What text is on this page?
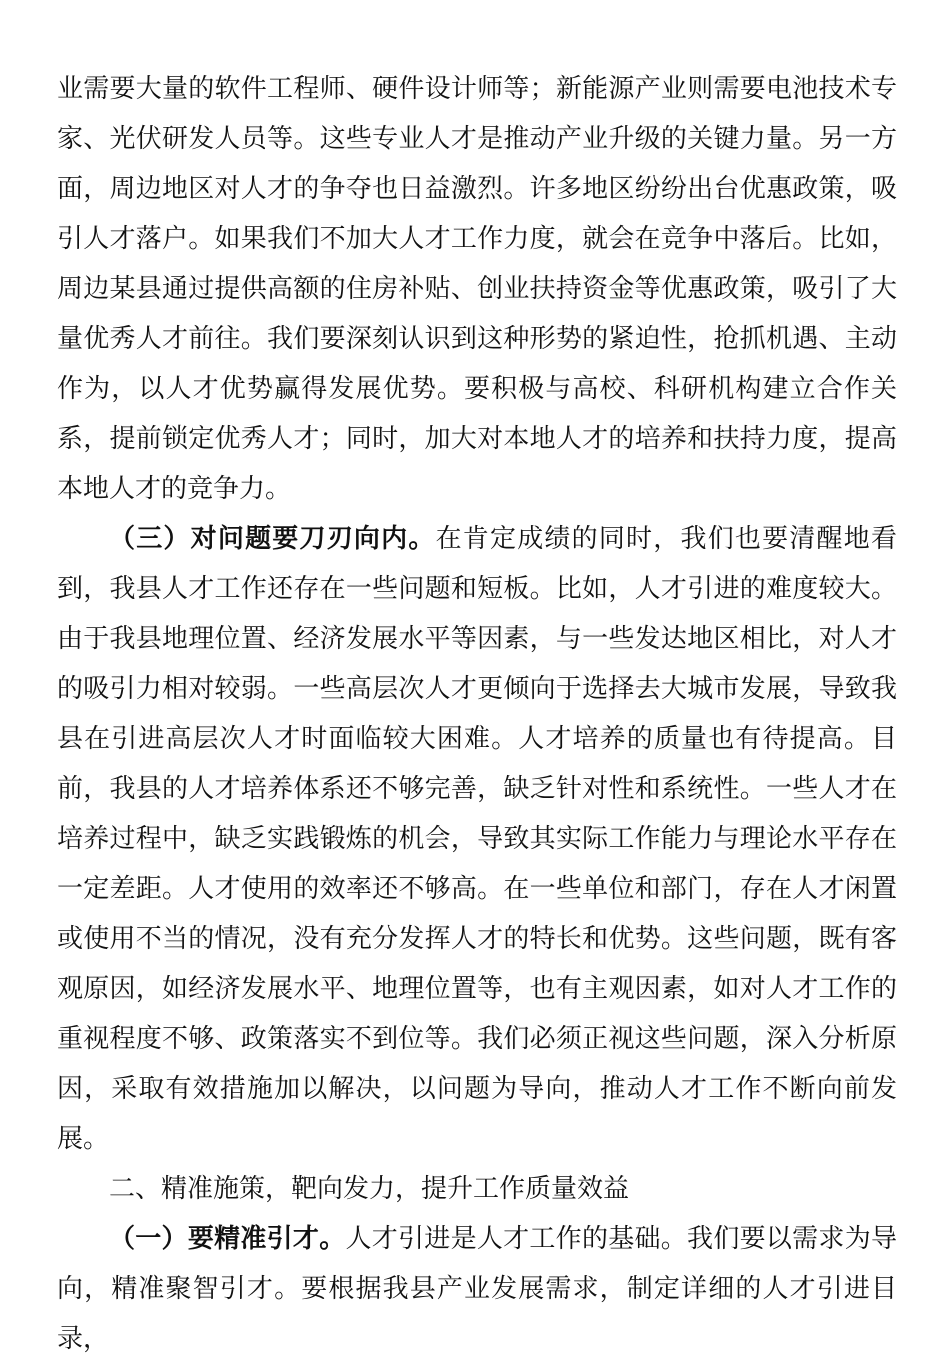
业需要大量的软件工程师、硬件设计师等；新能源产业则需要电池技术专家、光伏研发人员等。这些专业人才是推动产业升级的关键力量。另一方面，周边地区对人才的争夺也日益激烈。许多地区纷纷出台优惠政策，吸引人才落户。如果我们不加大人才工作力度，就会在竞争中落后。比如，周边某县通过提供高额的住房补贴、创业扶持资金等优惠政策，吸引了大量优秀人才前往。我们要深刻认识到这种形势的紧迫性，抢抓机遇、主动作为，以人才优势赢得发展优势。要积极与高校、科研机构建立合作关系，提前锁定优秀人才；同时，加大对本地人才的培养和扶持力度，提高本地人才的竞争力。

（三）对问题要刀刃向内。在肯定成绩的同时，我们也要清醒地看到，我县人才工作还存在一些问题和短板。比如，人才引进的难度较大。由于我县地理位置、经济发展水平等因素，与一些发达地区相比，对人才的吸引力相对较弱。一些高层次人才更倾向于选择去大城市发展，导致我县在引进高层次人才时面临较大困难。人才培养的质量也有待提高。目前，我县的人才培养体系还不够完善，缺乏针对性和系统性。一些人才在培养过程中，缺乏实践锻炼的机会，导致其实际工作能力与理论水平存在一定差距。人才使用的效率还不够高。在一些单位和部门，存在人才闲置或使用不当的情况，没有充分发挥人才的特长和优势。这些问题，既有客观原因，如经济发展水平、地理位置等，也有主观因素，如对人才工作的重视程度不够、政策落实不到位等。我们必须正视这些问题，深入分析原因，采取有效措施加以解决，以问题为导向，推动人才工作不断向前发展。

二、精准施策，靶向发力，提升工作质量效益

（一）要精准引才。人才引进是人才工作的基础。我们要以需求为导向，精准聚智引才。要根据我县产业发展需求，制定详细的人才引进目录，
